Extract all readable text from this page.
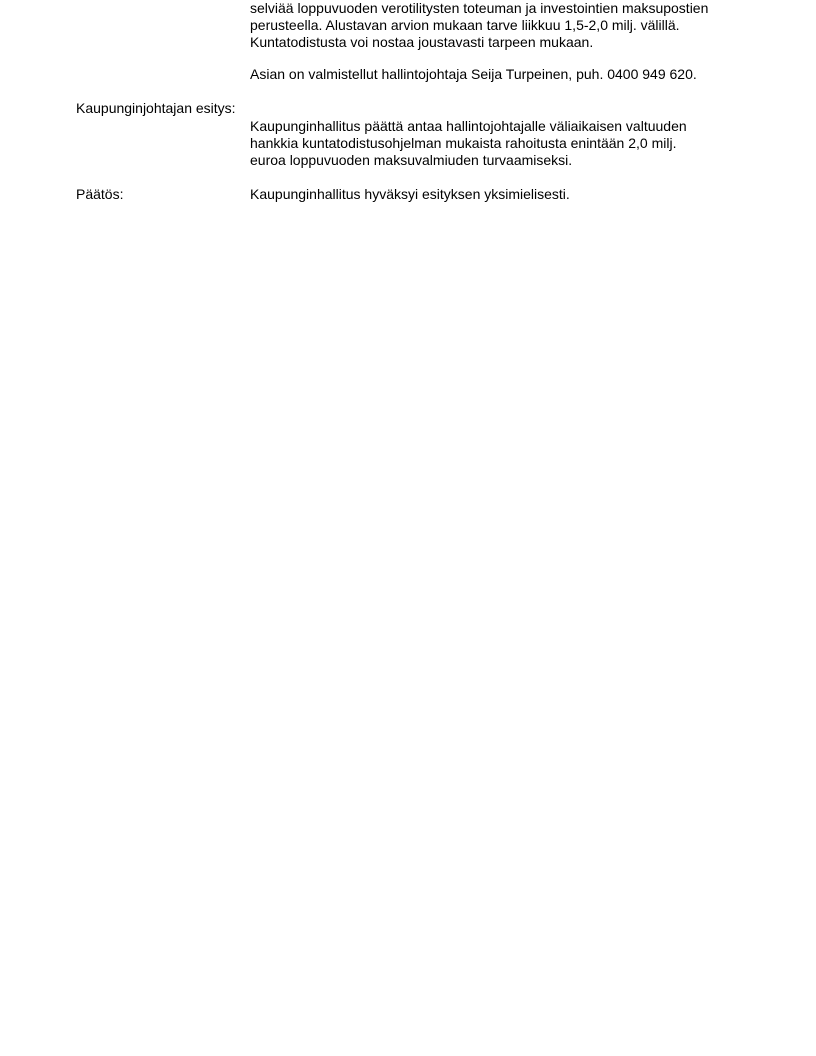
selviää loppuvuoden verotilitysten toteuman ja investointien maksupostien
perusteella. Alustavan arvion mukaan tarve liikkuu 1,5-2,0 milj. välillä.
Kuntatodistusta voi nostaa joustavasti tarpeen mukaan.
Asian on valmistellut hallintojohtaja Seija Turpeinen, puh. 0400 949 620.
Kaupunginjohtajan esitys:
Kaupunginhallitus päättä antaa hallintojohtajalle väliaikaisen valtuuden
hankkia kuntatodistusohjelman mukaista rahoitusta enintään 2,0 milj.
euroa loppuvuoden maksuvalmiuden turvaamiseksi.
Päätös:	Kaupunginhallitus hyväksyi esityksen yksimielisesti.
